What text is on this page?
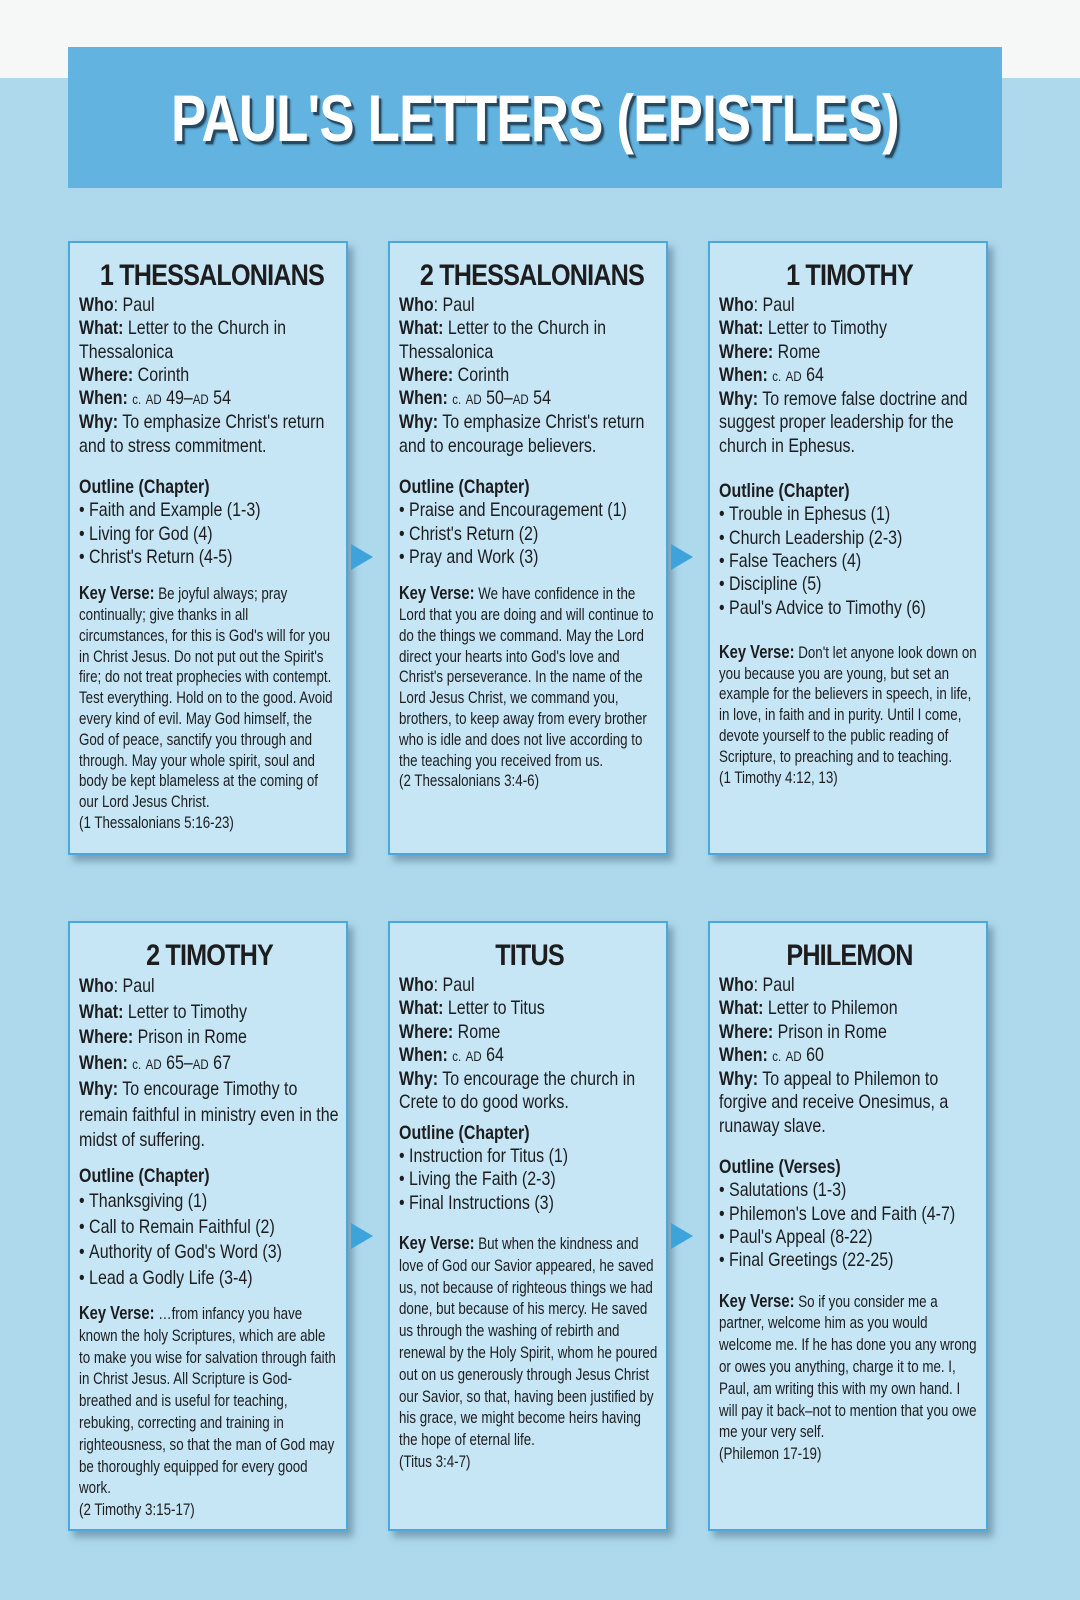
PAUL'S LETTERS (EPISTLES)
1 THESSALONIANS

Who: Paul

What: Letter to the Church in Thessalonica

Where: Corinth

When: c. AD 49–AD 54

Why: To emphasize Christ's return and to stress commitment.

Outline (Chapter)

• Faith and Example (1-3)
• Living for God (4)
• Christ's Return (4-5)

Key Verse: Be joyful always; pray continually; give thanks in all circumstances, for this is God's will for you in Christ Jesus. Do not put out the Spirit's fire; do not treat prophecies with contempt. Test everything. Hold on to the good. Avoid every kind of evil. May God himself, the God of peace, sanctify you through and through. May your whole spirit, soul and body be kept blameless at the coming of our Lord Jesus Christ.
(1 Thessalonians 5:16-23)

2 THESSALONIANS

Who: Paul

What: Letter to the Church in Thessalonica

Where: Corinth

When: c. AD 50–AD 54

Why: To emphasize Christ's return and to encourage believers.

Outline (Chapter)

• Praise and Encouragement (1)
• Christ's Return (2)
• Pray and Work (3)

Key Verse: We have confidence in the Lord that you are doing and will continue to do the things we command. May the Lord direct your hearts into God's love and Christ's perseverance. In the name of the Lord Jesus Christ, we command you, brothers, to keep away from every brother who is idle and does not live according to the teaching you received from us.
(2 Thessalonians 3:4-6)

1 TIMOTHY

Who: Paul

What: Letter to Timothy

Where: Rome

When: c. AD 64

Why: To remove false doctrine and suggest proper leadership for the church in Ephesus.

Outline (Chapter)

• Trouble in Ephesus (1)
• Church Leadership (2-3)
• False Teachers (4)
• Discipline (5)
• Paul's Advice to Timothy (6)

Key Verse: Don't let anyone look down on you because you are young, but set an example for the believers in speech, in life, in love, in faith and in purity. Until I come, devote yourself to the public reading of Scripture, to preaching and to teaching.
(1 Timothy 4:12, 13)

2 TIMOTHY

Who: Paul

What: Letter to Timothy

Where: Prison in Rome

When: c. AD 65–AD 67

Why: To encourage Timothy to remain faithful in ministry even in the midst of suffering.

Outline (Chapter)

• Thanksgiving (1)
• Call to Remain Faithful (2)
• Authority of God's Word (3)
• Lead a Godly Life (3-4)

Key Verse: …from infancy you have known the holy Scriptures, which are able to make you wise for salvation through faith in Christ Jesus. All Scripture is God-breathed and is useful for teaching, rebuking, correcting and training in righteousness, so that the man of God may be thoroughly equipped for every good work.
(2 Timothy 3:15-17)

TITUS

Who: Paul

What: Letter to Titus

Where: Rome

When: c. AD 64

Why: To encourage the church in Crete to do good works.

Outline (Chapter)

• Instruction for Titus (1)
• Living the Faith (2-3)
• Final Instructions (3)

Key Verse: But when the kindness and love of God our Savior appeared, he saved us, not because of righteous things we had done, but because of his mercy. He saved us through the washing of rebirth and renewal by the Holy Spirit, whom he poured out on us generously through Jesus Christ our Savior, so that, having been justified by his grace, we might become heirs having the hope of eternal life.
(Titus 3:4-7)

PHILEMON

Who: Paul

What: Letter to Philemon

Where: Prison in Rome

When: c. AD 60

Why: To appeal to Philemon to forgive and receive Onesimus, a runaway slave.

Outline (Verses)

• Salutations (1-3)
• Philemon's Love and Faith (4-7)
• Paul's Appeal (8-22)
• Final Greetings (22-25)

Key Verse: So if you consider me a partner, welcome him as you would welcome me. If he has done you any wrong or owes you anything, charge it to me. I, Paul, am writing this with my own hand. I will pay it back–not to mention that you owe me your very self.
(Philemon 17-19)
